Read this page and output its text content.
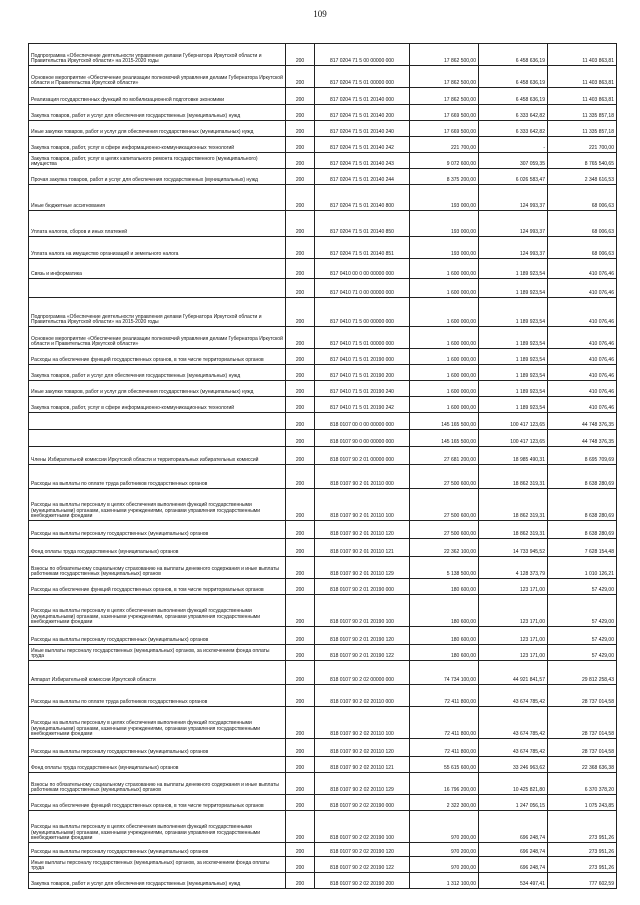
109
Подпрограмма «Обеспечение деятельности управления делами Губернатора Иркутской области и Правительства Иркутской области» на 2015-2020 годы	200	817 0204 71 5 00 00000 000	17 862 500,00	6 458 636,19	11 403 863,81
Основное мероприятие «Обеспечение реализации полномочий управления делами Губернатора Иркутской области и Правительства Иркутской области»	200	817 0204 71 5 01 00000 000	17 862 500,00	6 458 636,19	11 403 863,81
Реализация государственных функций по мобилизационной подготовке экономики	200	817 0204 71 5 01 20140 000	17 862 500,00	6 458 636,19	11 403 863,81
Закупка товаров, работ и услуг для обеспечения государственных (муниципальных) нужд	200	817 0204 71 5 01 20140 200	17 669 500,00	6 333 642,82	11 335 857,18
Иные закупки товаров, работ и услуг для обеспечения государственных (муниципальных) нужд	200	817 0204 71 5 01 20140 240	17 669 500,00	6 333 642,82	11 335 857,18
Закупка товаров, работ, услуг в сфере информационно-коммуникационных технологий	200	817 0204 71 5 01 20140 242	221 700,00	-	221 700,00
Закупка товаров, работ, услуг в целях капитального ремонта государственного (муниципального) имущества	200	817 0204 71 5 01 20140 243	9 072 600,00	307 059,35	8 765 540,65
Прочая закупка товаров, работ и услуг для обеспечения государственных (муниципальных) нужд	200	817 0204 71 5 01 20140 244	8 375 200,00	6 026 583,47	2 348 616,53
Иные бюджетные ассигнования	200	817 0204 71 5 01 20140 800	193 000,00	124 993,37	68 006,63
Уплата налогов, сборов и иных платежей	200	817 0204 71 5 01 20140 850	193 000,00	124 993,37	68 006,63
Уплата налога на имущество организаций и земельного налога	200	817 0204 71 5 01 20140 851	193 000,00	124 993,37	68 006,63
Связь и информатика	200	817 0410 00 0 00 00000 000	1 600 000,00	1 189 923,54	410 076,46
	200	817 0410 71 0 00 00000 000	1 600 000,00	1 189 923,54	410 076,46
Подпрограмма «Обеспечение деятельности управления делами Губернатора Иркутской области и Правительства Иркутской области» на 2015-2020 годы	200	817 0410 71 5 00 00000 000	1 600 000,00	1 189 923,54	410 076,46
Основное мероприятие «Обеспечение реализации полномочий управления делами Губернатора Иркутской области и Правительства Иркутской области»	200	817 0410 71 5 01 00000 000	1 600 000,00	1 189 923,54	410 076,46
Расходы на обеспечение функций государственных органов, в том числе территориальных органов	200	817 0410 71 5 01 20190 000	1 600 000,00	1 189 923,54	410 076,46
Закупка товаров, работ и услуг для обеспечения государственных (муниципальных) нужд	200	817 0410 71 5 01 20190 200	1 600 000,00	1 189 923,54	410 076,46
Иные закупки товаров, работ и услуг для обеспечения государственных (муниципальных) нужд	200	817 0410 71 5 01 20190 240	1 600 000,00	1 189 923,54	410 076,46
Закупка товаров, работ, услуг в сфере информационно-коммуникационных технологий	200	817 0410 71 5 01 20190 242	1 600 000,00	1 189 923,54	410 076,46
	200	818 0107 00 0 00 00000 000	145 165 500,00	100 417 123,65	44 748 376,35
	200	818 0107 90 0 00 00000 000	145 165 500,00	100 417 123,65	44 748 376,35
Члены Избирательной комиссии Иркутской области и территориальных избирательных комиссий	200	818 0107 90 2 01 00000 000	27 681 200,00	18 985 490,31	8 695 709,69
Расходы на выплаты по оплате труда работников государственных органов	200	818 0107 90 2 01 20110 000	27 500 600,00	18 862 319,31	8 638 280,69
Расходы на выплаты персоналу в целях обеспечения выполнения функций государственными (муниципальными) органами, казенными учреждениями, органами управления государственными внебюджетными фондами	200	818 0107 90 2 01 20110 100	27 500 600,00	18 862 319,31	8 638 280,69
Расходы на выплаты персоналу государственных (муниципальных) органов	200	818 0107 90 2 01 20110 120	27 500 600,00	18 862 319,31	8 638 280,69
Фонд оплаты труда государственных (муниципальных) органов	200	818 0107 90 2 01 20110 121	22 362 100,00	14 733 945,52	7 628 154,48
Взносы по обязательному социальному страхованию на выплаты денежного содержания и иные выплаты работникам государственных (муниципальных) органов	200	818 0107 90 2 01 20110 129	5 138 500,00	4 128 373,79	1 010 126,21
Расходы на обеспечение функций государственных органов, в том числе территориальных органов	200	818 0107 90 2 01 20190 000	180 600,00	123 171,00	57 429,00
Расходы на выплаты персоналу в целях обеспечения выполнения функций государственными (муниципальными) органами, казенными учреждениями, органами управления государственными внебюджетными фондами	200	818 0107 90 2 01 20190 100	180 600,00	123 171,00	57 429,00
Расходы на выплаты персоналу государственных (муниципальных) органов	200	818 0107 90 2 01 20190 120	180 600,00	123 171,00	57 429,00
Иные выплаты персоналу государственных (муниципальных) органов, за исключением фонда оплаты труда	200	818 0107 90 2 01 20190 122	180 600,00	123 171,00	57 429,00
Аппарат Избирательной комиссии Иркутской области	200	818 0107 90 2 02 00000 000	74 734 100,00	44 921 841,57	29 812 258,43
Расходы на выплаты по оплате труда работников государственных органов	200	818 0107 90 2 02 20110 000	72 411 800,00	43 674 785,42	28 737 014,58
Расходы на выплаты персоналу в целях обеспечения выполнения функций государственными (муниципальными) органами, казенными учреждениями, органами управления государственными внебюджетными фондами	200	818 0107 90 2 02 20110 100	72 411 800,00	43 674 785,42	28 737 014,58
Расходы на выплаты персоналу государственных (муниципальных) органов	200	818 0107 90 2 02 20110 120	72 411 800,00	43 674 785,42	28 737 014,58
Фонд оплаты труда государственных (муниципальных) органов	200	818 0107 90 2 02 20110 121	55 615 600,00	33 246 963,62	22 368 636,38
Взносы по обязательному социальному страхованию на выплаты денежного содержания и иные выплаты работникам государственных (муниципальных) органов	200	818 0107 90 2 02 20110 129	16 796 200,00	10 425 821,80	6 370 378,20
Расходы на обеспечение функций государственных органов, в том числе территориальных органов	200	818 0107 90 2 02 20190 000	2 322 300,00	1 247 056,15	1 075 243,85
Расходы на выплаты персоналу в целях обеспечения выполнения функций государственными (муниципальными) органами, казенными учреждениями, органами управления государственными внебюджетными фондами	200	818 0107 90 2 02 20190 100	970 200,00	696 248,74	273 951,26
Расходы на выплаты персоналу государственных (муниципальных) органов	200	818 0107 90 2 02 20190 120	970 200,00	696 248,74	273 951,26
Иные выплаты персоналу государственных (муниципальных) органов, за исключением фонда оплаты труда	200	818 0107 90 2 02 20190 122	970 200,00	696 248,74	273 951,26
Закупка товаров, работ и услуг для обеспечения государственных (муниципальных) нужд	200	818 0107 90 2 02 20190 200	1 312 100,00	534 497,41	777 602,59
